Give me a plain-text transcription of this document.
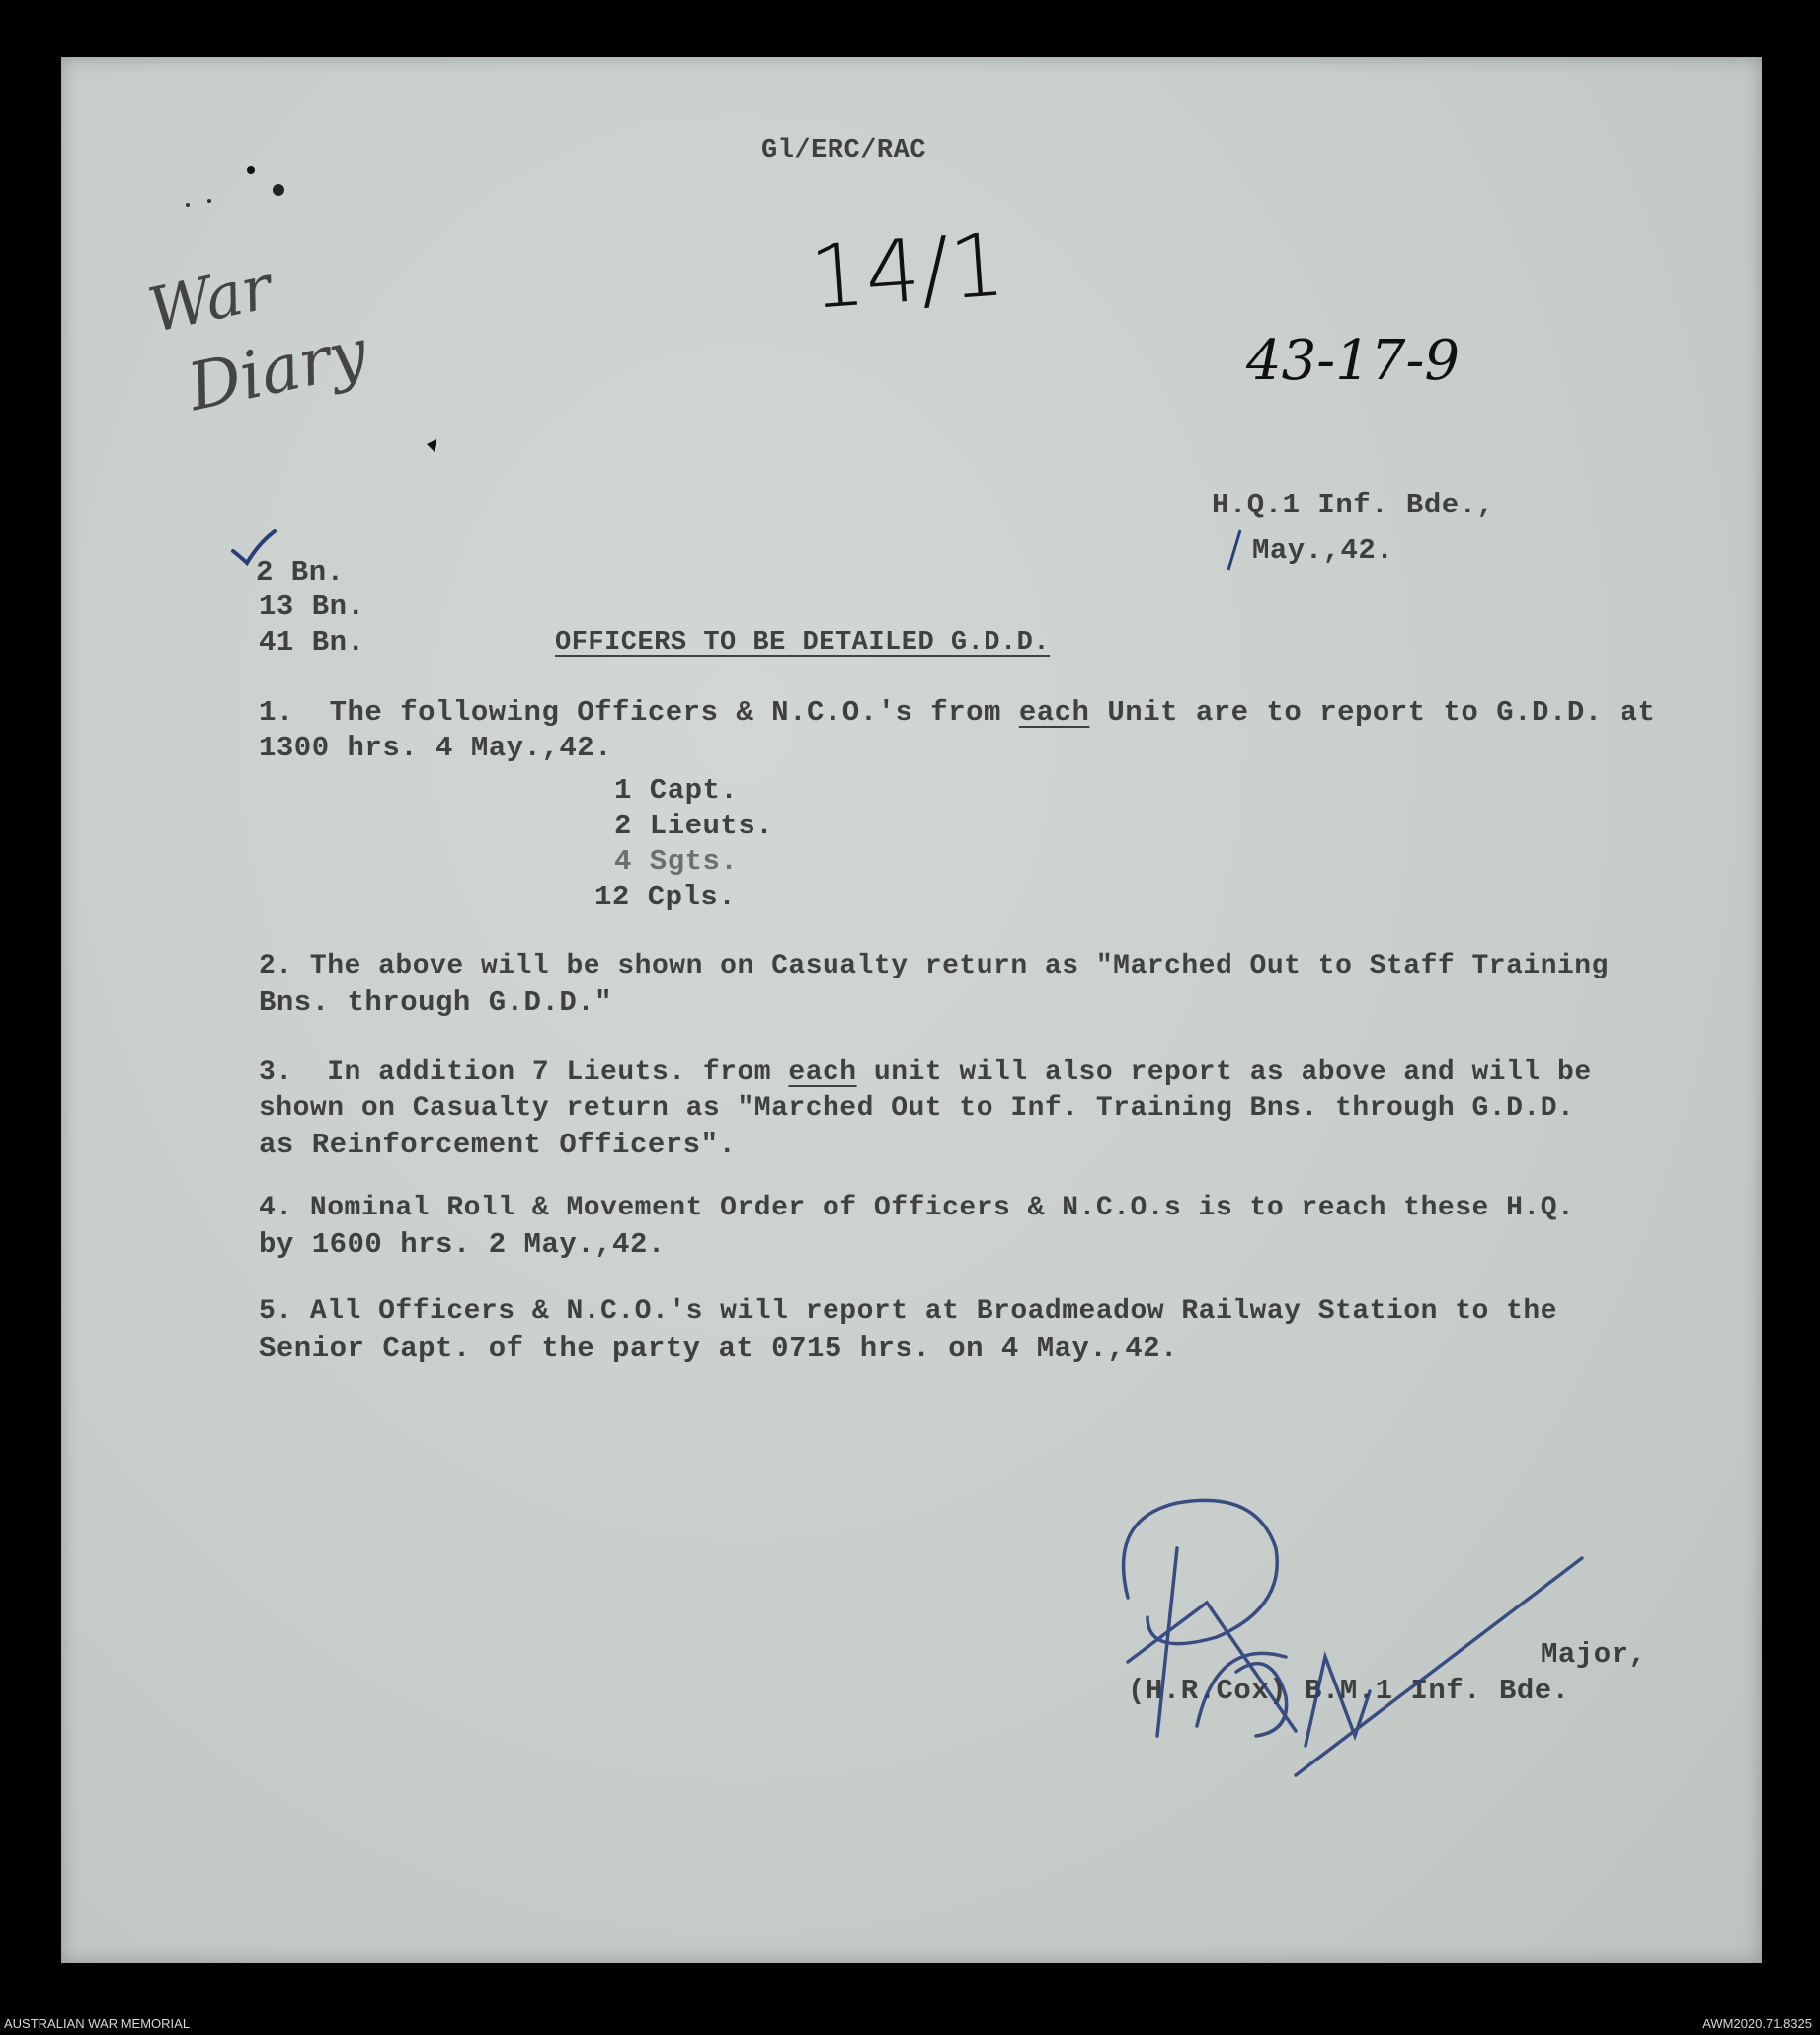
Gl/ERC/RAC
14/1
43-17-9
War
Diary
H.Q.1 Inf. Bde.,
May.,42.
2 Bn.
13 Bn.
41 Bn.	OFFICERS TO BE DETAILED G.D.D.
1.  The following Officers & N.C.O.'s from each Unit are to report to G.D.D. at
1300 hrs. 4 May.,42.
1 Capt.
2 Lieuts.
4 Sgts.
12 Cpls.
2. The above will be shown on Casualty return as "Marched Out to Staff Training
Bns. through G.D.D."
3.  In addition 7 Lieuts. from each unit will also report as above and will be
shown on Casualty return as "Marched Out to Inf. Training Bns. through G.D.D.
as Reinforcement Officers".
4. Nominal Roll & Movement Order of Officers & N.C.O.s is to reach these H.Q.
by 1600 hrs. 2 May.,42.
5. All Officers & N.C.O.'s will report at Broadmeadow Railway Station to the
Senior Capt. of the party at 0715 hrs. on 4 May.,42.
Major,
(H.R.Cox) B.M.1 Inf. Bde.
AUSTRALIAN WAR MEMORIAL	AWM2020.71.8325
